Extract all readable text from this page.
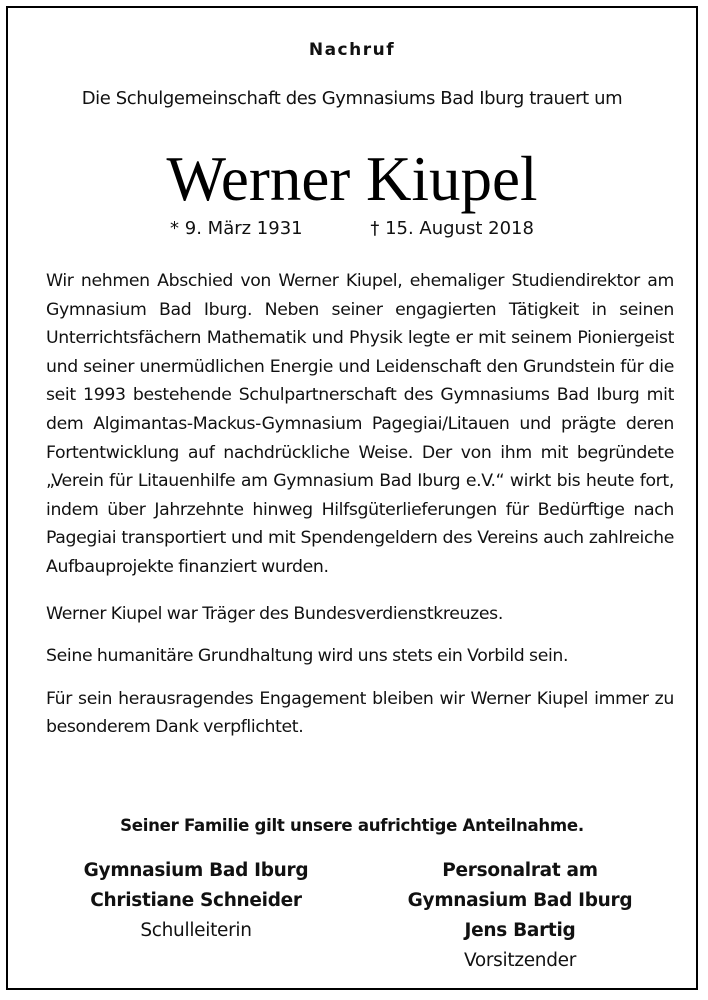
Nachruf
Die Schulgemeinschaft des Gymnasiums Bad Iburg trauert um
Werner Kiupel
* 9. März 1931	† 15. August 2018

Wir nehmen Abschied von Werner Kiupel, ehemaliger Studiendirektor am Gymnasium Bad Iburg. Neben seiner engagierten Tätigkeit in seinen Unterrichtsfächern Mathematik und Physik legte er mit seinem Pioniergeist und seiner unermüdlichen Energie und Leidenschaft den Grundstein für die seit 1993 bestehende Schulpartnerschaft des Gymnasiums Bad Iburg mit dem Algimantas-Mackus-Gymnasium Pagegiai/Litauen und prägte deren Fortentwicklung auf nachdrückliche Weise. Der von ihm mit begründete „Verein für Litauenhilfe am Gymnasium Bad Iburg e.V.“ wirkt bis heute fort, indem über Jahrzehnte hinweg Hilfsgüterlieferungen für Bedürftige nach Pagegiai transportiert und mit Spendengeldern des Vereins auch zahlreiche Aufbauprojekte finanziert wurden.

Werner Kiupel war Träger des Bundesverdienstkreuzes.

Seine humanitäre Grundhaltung wird uns stets ein Vorbild sein.

Für sein herausragendes Engagement bleiben wir Werner Kiupel immer zu besonderem Dank verpflichtet.

Seiner Familie gilt unsere aufrichtige Anteilnahme.
Gymnasium Bad Iburg
Christiane Schneider
Schulleiterin
Personalrat am
Gymnasium Bad Iburg
Jens Bartig
Vorsitzender
